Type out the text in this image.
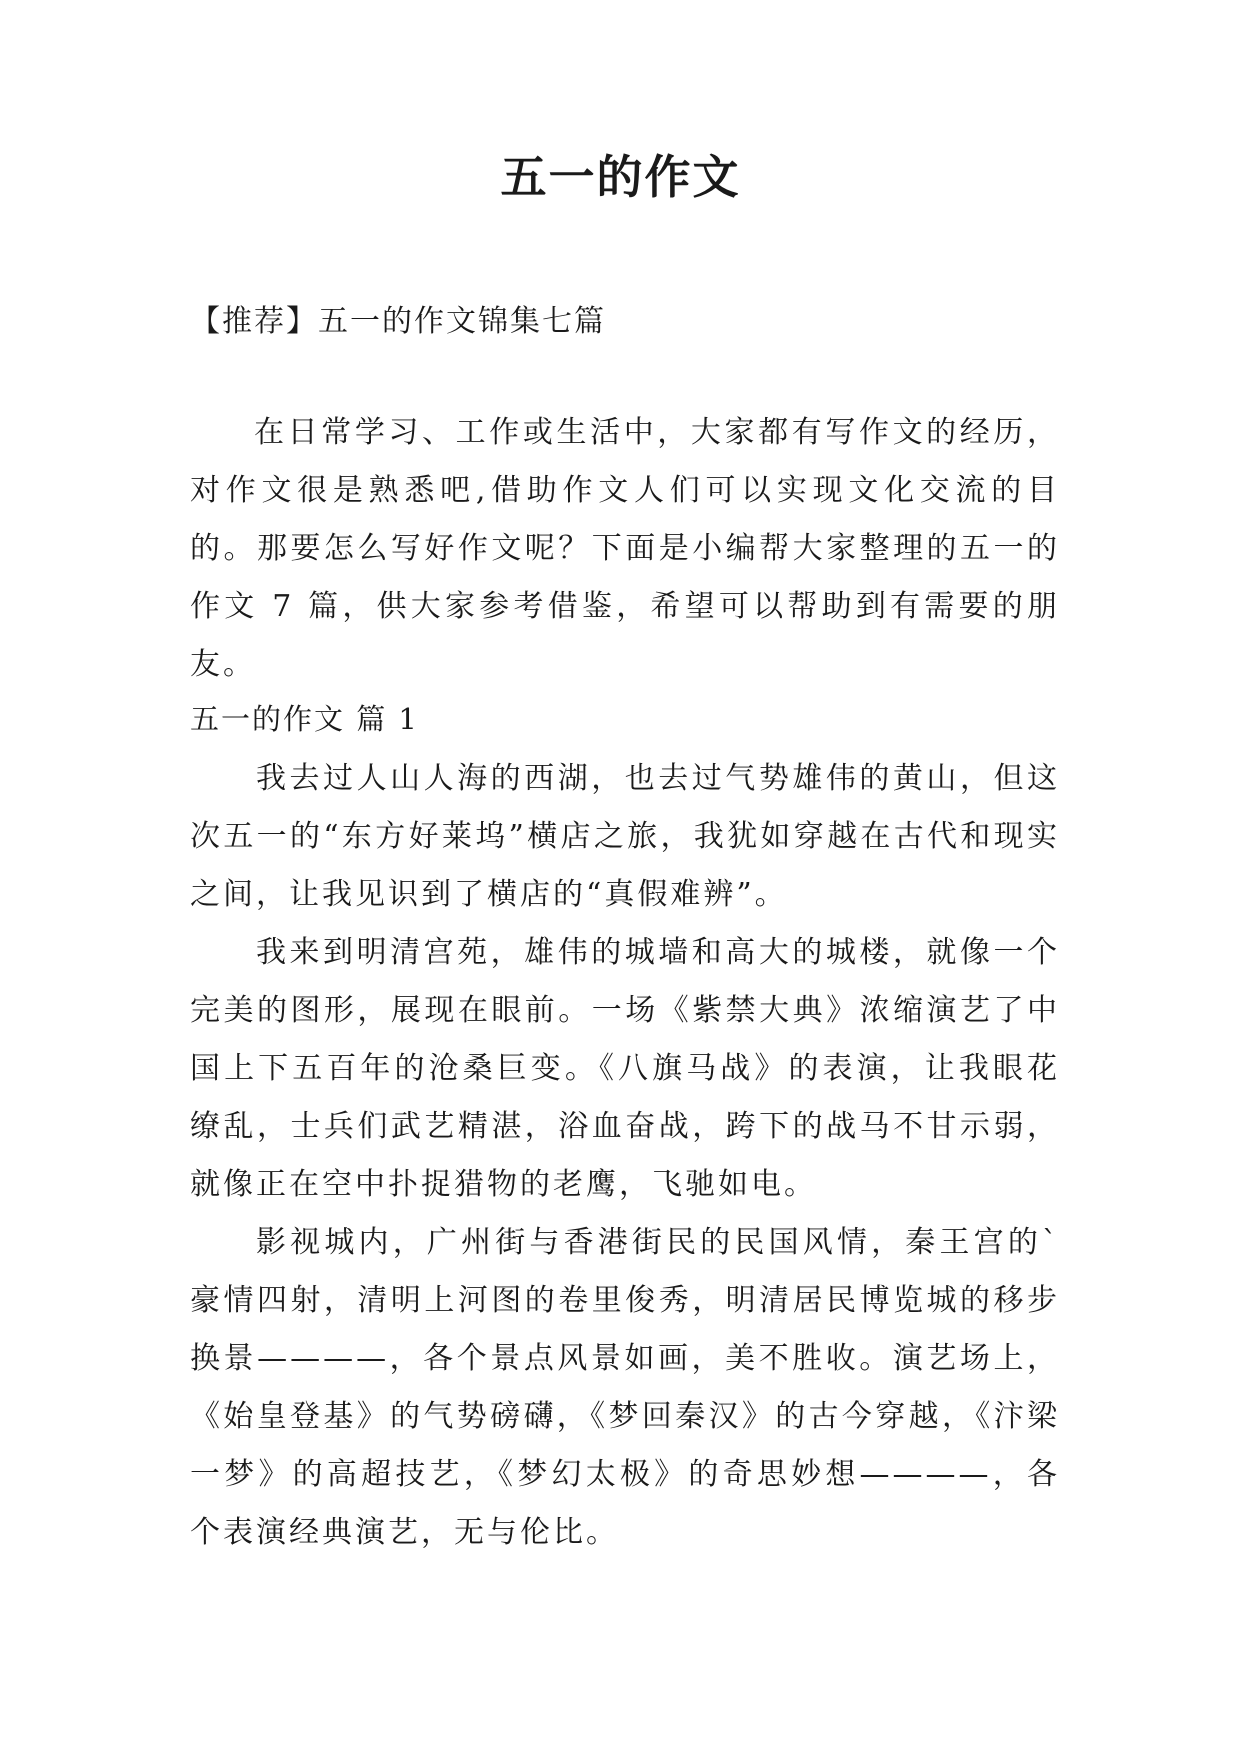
五一的作文
【推荐】五一的作文锦集七篇
在日常学习、工作或生活中，大家都有写作文的经历，对作文很是熟悉吧,借助作文人们可以实现文化交流的目的。那要怎么写好作文呢？下面是小编帮大家整理的五一的作文 7 篇，供大家参考借鉴，希望可以帮助到有需要的朋友。
五一的作文 篇 1

我去过人山人海的西湖，也去过气势雄伟的黄山，但这次五一的“东方好莱坞”横店之旅，我犹如穿越在古代和现实之间，让我见识到了横店的“真假难辨”。

我来到明清宫苑，雄伟的城墙和高大的城楼，就像一个完美的图形，展现在眼前。一场《紫禁大典》浓缩演艺了中国上下五百年的沧桑巨变。《八旗马战》的表演，让我眼花缭乱，士兵们武艺精湛，浴血奋战，跨下的战马不甘示弱，就像正在空中扑捉猎物的老鹰，飞驰如电。

影视城内，广州街与香港街民的民国风情，秦王宫的`豪情四射，清明上河图的卷里俊秀，明清居民博览城的移步换景————，各个景点风景如画，美不胜收。演艺场上，《始皇登基》的气势磅礴，《梦回秦汉》的古今穿越，《汴梁一梦》的高超技艺，《梦幻太极》的奇思妙想————，各个表演经典演艺，无与伦比。
